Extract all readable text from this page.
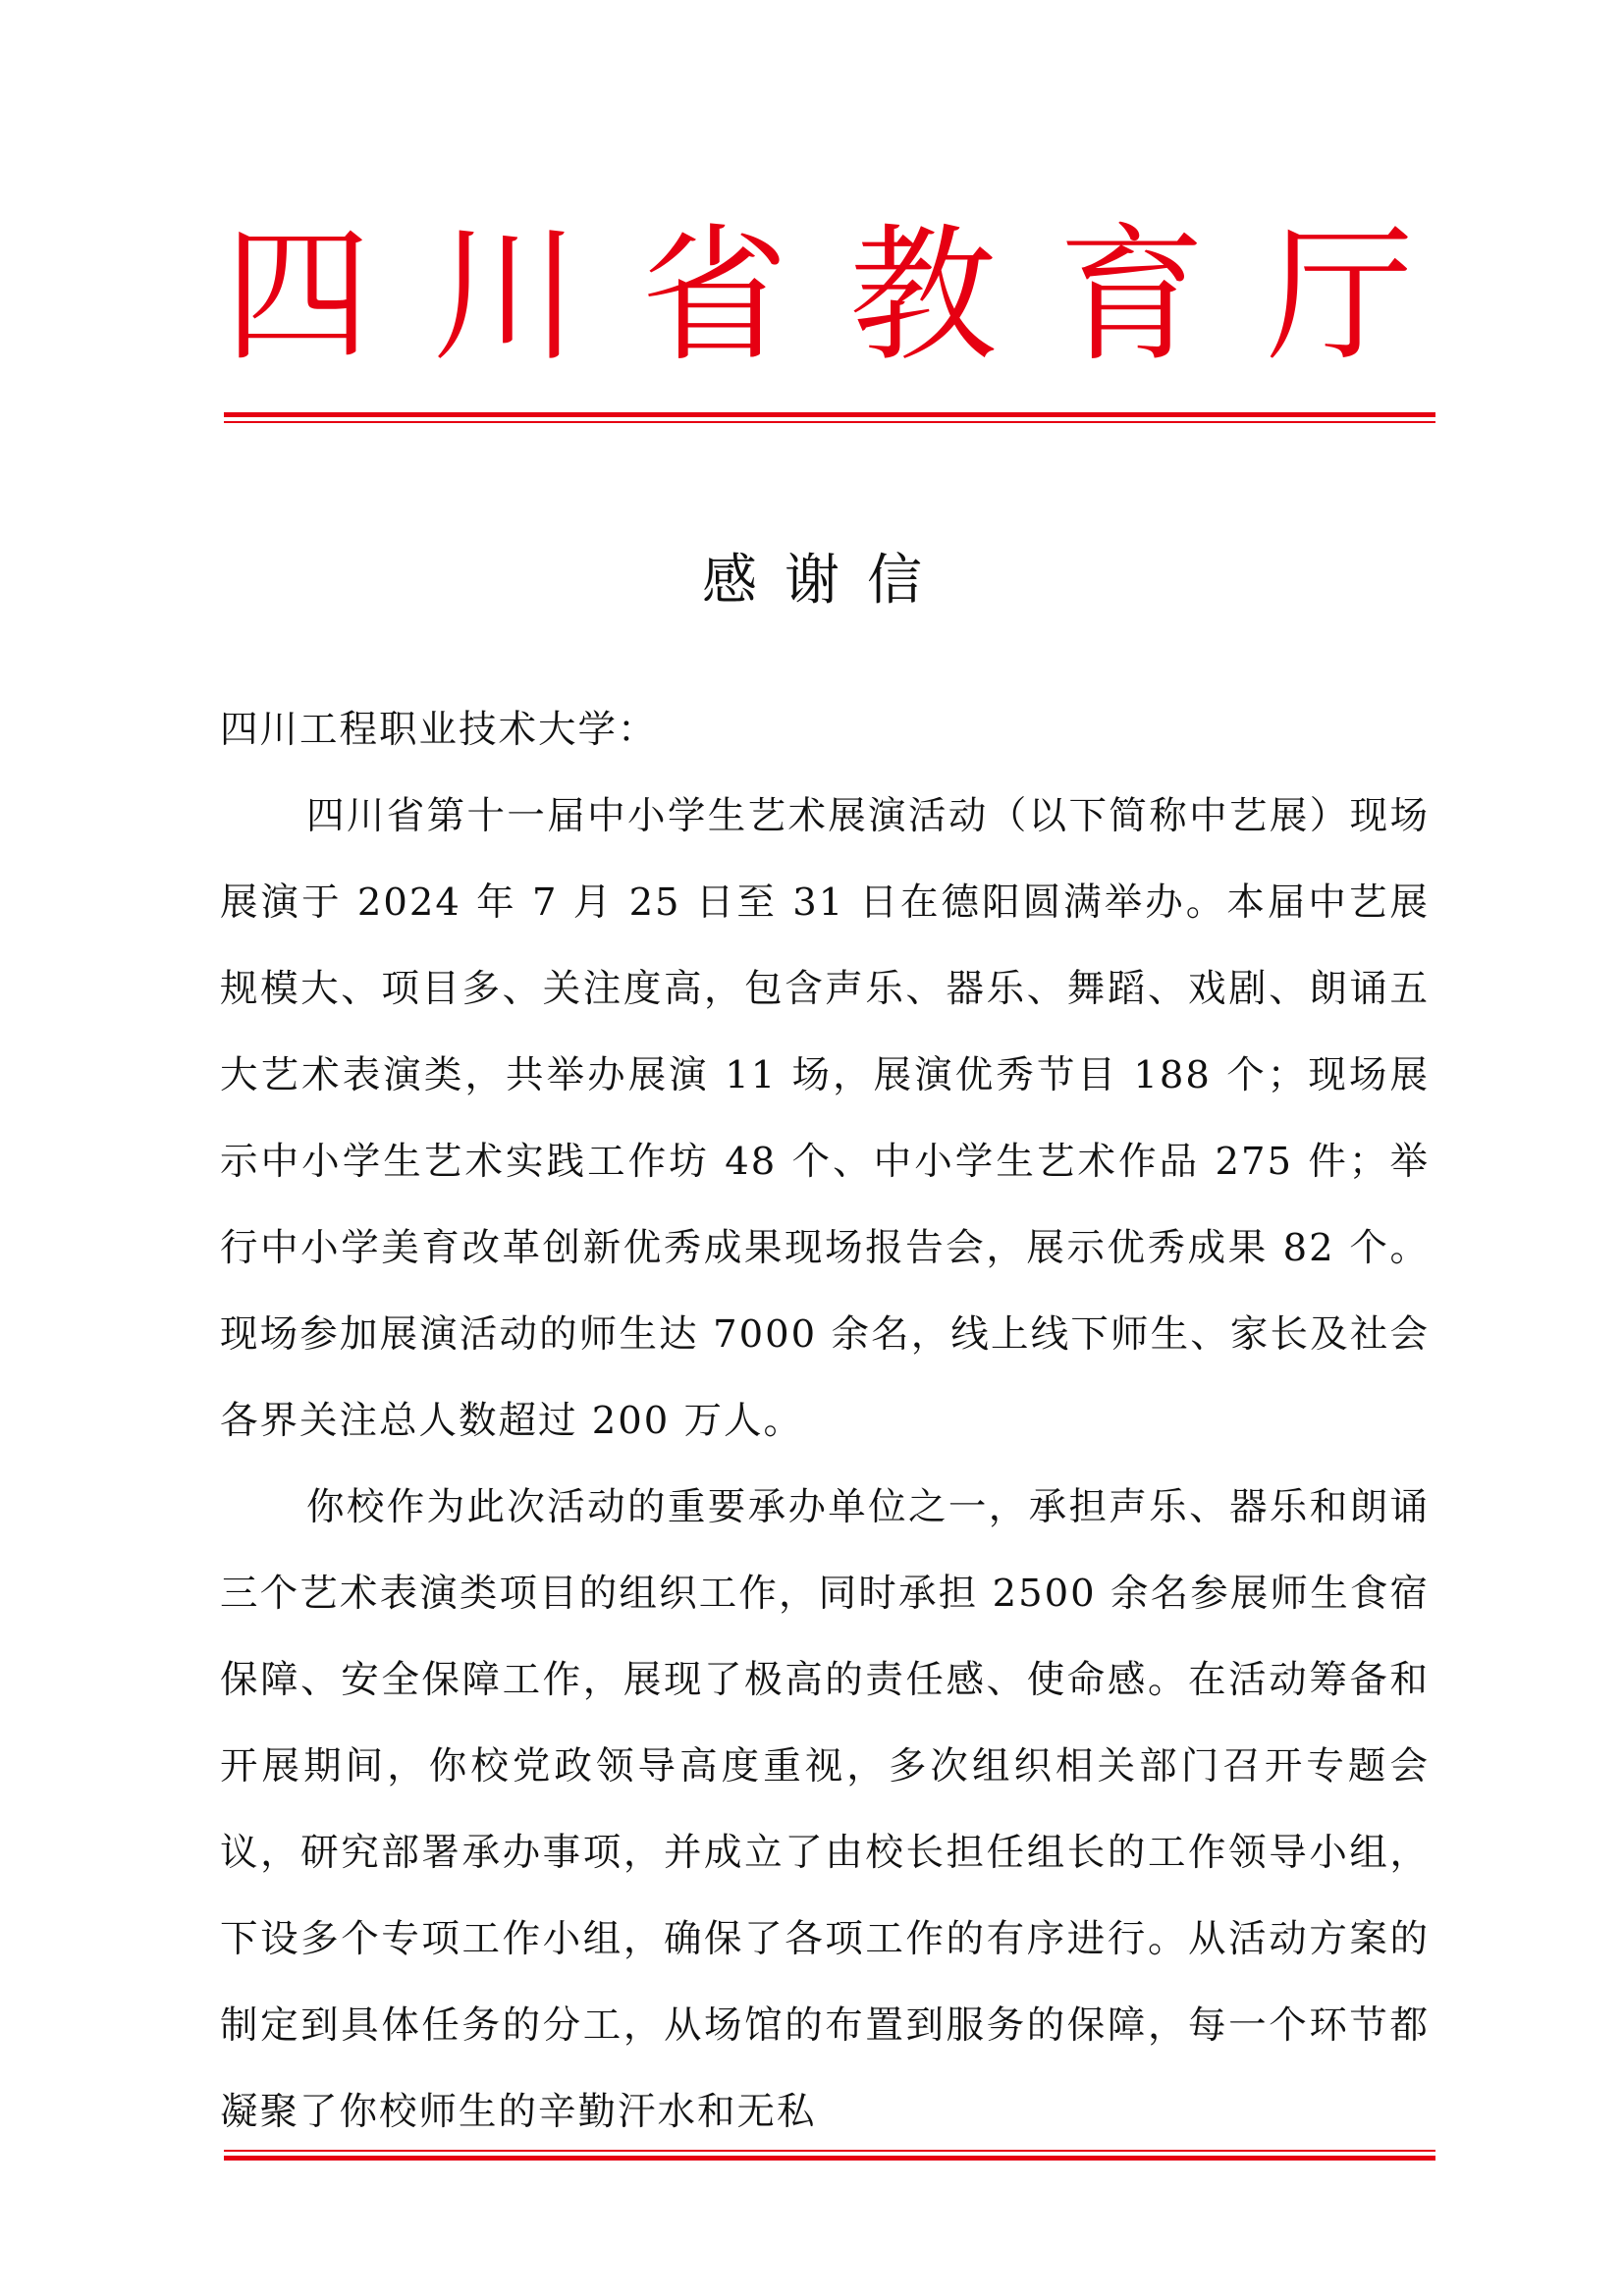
四 川 省 教 育 厅
感谢信

四川工程职业技术大学：

四川省第十一届中小学生艺术展演活动（以下简称中艺展）现场展演于 2024 年 7 月 25 日至 31 日在德阳圆满举办。本届中艺展规模大、项目多、关注度高，包含声乐、器乐、舞蹈、戏剧、朗诵五大艺术表演类，共举办展演 11 场，展演优秀节目 188 个；现场展示中小学生艺术实践工作坊 48 个、中小学生艺术作品 275 件；举行中小学美育改革创新优秀成果现场报告会，展示优秀成果 82 个。现场参加展演活动的师生达 7000 余名，线上线下师生、家长及社会各界关注总人数超过 200 万人。

你校作为此次活动的重要承办单位之一，承担声乐、器乐和朗诵三个艺术表演类项目的组织工作，同时承担 2500 余名参展师生食宿保障、安全保障工作，展现了极高的责任感、使命感。在活动筹备和开展期间，你校党政领导高度重视，多次组织相关部门召开专题会议，研究部署承办事项，并成立了由校长担任组长的工作领导小组，下设多个专项工作小组，确保了各项工作的有序进行。从活动方案的制定到具体任务的分工，从场馆的布置到服务的保障，每一个环节都凝聚了你校师生的辛勤汗水和无私
